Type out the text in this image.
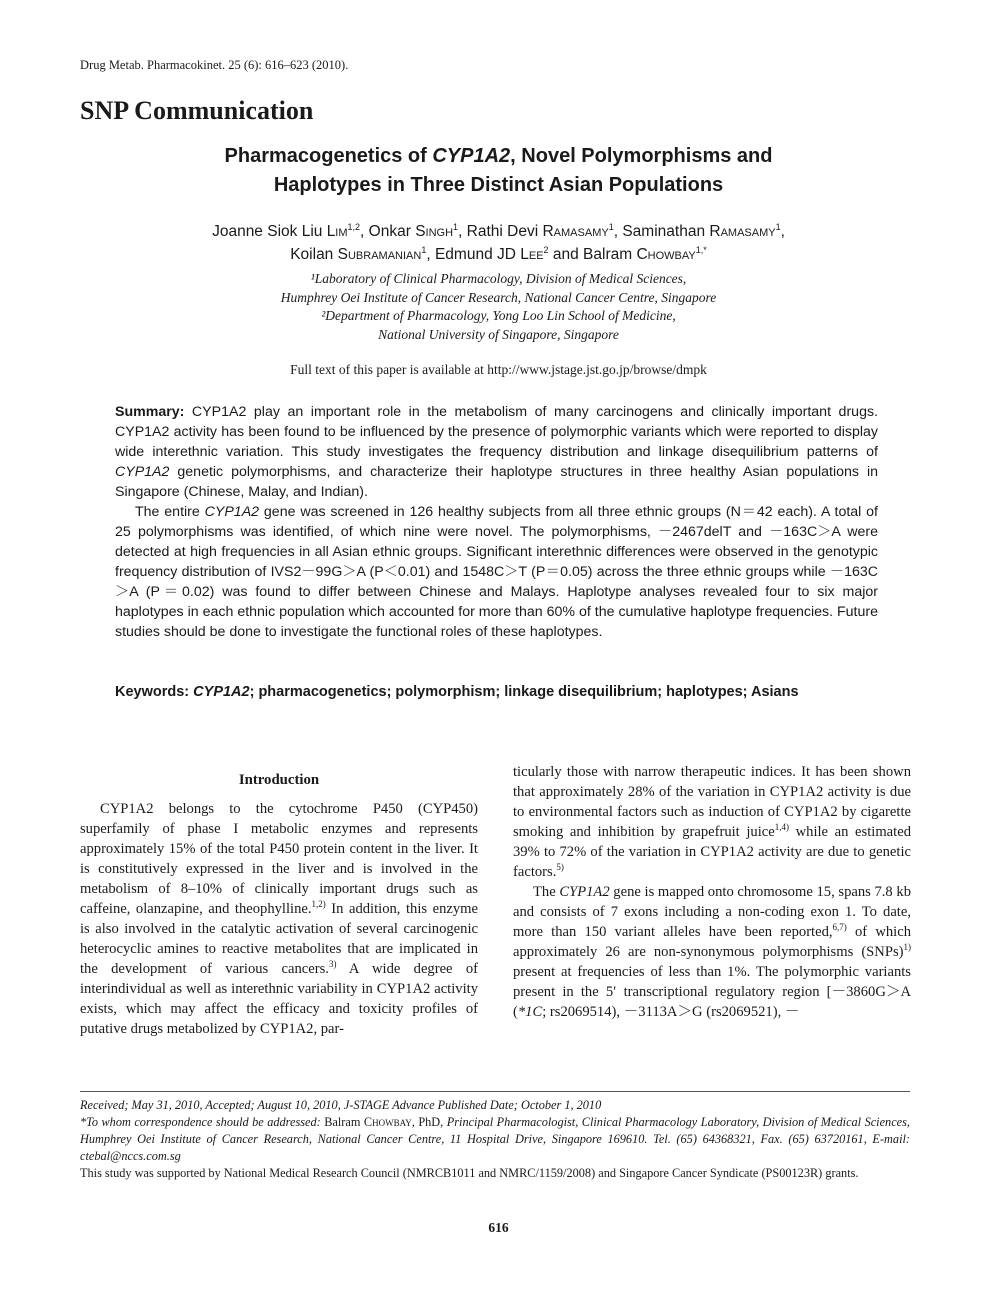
Drug Metab. Pharmacokinet. 25 (6): 616–623 (2010).
SNP Communication
Pharmacogenetics of CYP1A2, Novel Polymorphisms and
Haplotypes in Three Distinct Asian Populations
Joanne Siok Liu Lim$^{1,2}$, Onkar Singh$^1$, Rathi Devi Ramasamy$^1$, Saminathan Ramasamy$^1$,
Koilan Subramanian$^1$, Edmund JD Lee$^2$ and Balram Chowbay$^{1,*}$
¹Laboratory of Clinical Pharmacology, Division of Medical Sciences,
Humphrey Oei Institute of Cancer Research, National Cancer Centre, Singapore
²Department of Pharmacology, Yong Loo Lin School of Medicine,
National University of Singapore, Singapore
Full text of this paper is available at http://www.jstage.jst.go.jp/browse/dmpk

Summary: CYP1A2 play an important role in the metabolism of many carcinogens and clinically important drugs. CYP1A2 activity has been found to be influenced by the presence of polymorphic variants which were reported to display wide interethnic variation. This study investigates the frequency distribution and linkage disequilibrium patterns of CYP1A2 genetic polymorphisms, and characterize their haplotype structures in three healthy Asian populations in Singapore (Chinese, Malay, and Indian).

The entire CYP1A2 gene was screened in 126 healthy subjects from all three ethnic groups (N＝42 each). A total of 25 polymorphisms was identified, of which nine were novel. The polymorphisms, －2467delT and －163C＞A were detected at high frequencies in all Asian ethnic groups. Significant interethnic differences were observed in the genotypic frequency distribution of IVS2－99G＞A (P＜0.01) and 1548C＞T (P＝0.05) across the three ethnic groups while －163C＞A (P＝0.02) was found to differ between Chinese and Malays. Haplotype analyses revealed four to six major haplotypes in each ethnic population which accounted for more than 60% of the cumulative haplotype frequencies. Future studies should be done to investigate the functional roles of these haplotypes.

Keywords: CYP1A2; pharmacogenetics; polymorphism; linkage disequilibrium; haplotypes; Asians
Introduction

CYP1A2 belongs to the cytochrome P450 (CYP450) superfamily of phase I metabolic enzymes and represents approximately 15% of the total P450 protein content in the liver. It is constitutively expressed in the liver and is involved in the metabolism of 8–10% of clinically important drugs such as caffeine, olanzapine, and theophylline.$^{1,2)}$ In addition, this enzyme is also involved in the catalytic activation of several carcinogenic heterocyclic amines to reactive metabolites that are implicated in the development of various cancers.$^{3)}$ A wide degree of interindividual as well as interethnic variability in CYP1A2 activity exists, which may affect the efficacy and toxicity profiles of putative drugs metabolized by CYP1A2, par-

ticularly those with narrow therapeutic indices. It has been shown that approximately 28% of the variation in CYP1A2 activity is due to environmental factors such as induction of CYP1A2 by cigarette smoking and inhibition by grapefruit juice$^{1,4)}$ while an estimated 39% to 72% of the variation in CYP1A2 activity are due to genetic factors.$^{5)}$

The CYP1A2 gene is mapped onto chromosome 15, spans 7.8 kb and consists of 7 exons including a non-coding exon 1. To date, more than 150 variant alleles have been reported,$^{6,7)}$ of which approximately 26 are non-synonymous polymorphisms (SNPs)$^{1)}$ present at frequencies of less than 1%. The polymorphic variants present in the 5′ transcriptional regulatory region [－3860G＞A (*1C; rs2069514), －3113A＞G (rs2069521), －

Received; May 31, 2010, Accepted; August 10, 2010, J-STAGE Advance Published Date; October 1, 2010
*To whom correspondence should be addressed: Balram Chowbay, PhD, Principal Pharmacologist, Clinical Pharmacology Laboratory, Division of Medical Sciences, Humphrey Oei Institute of Cancer Research, National Cancer Centre, 11 Hospital Drive, Singapore 169610. Tel. (65) 64368321, Fax. (65) 63720161, E-mail: ctebal@nccs.com.sg
This study was supported by National Medical Research Council (NMRCB1011 and NMRC/1159/2008) and Singapore Cancer Syndicate (PS00123R) grants.
616
